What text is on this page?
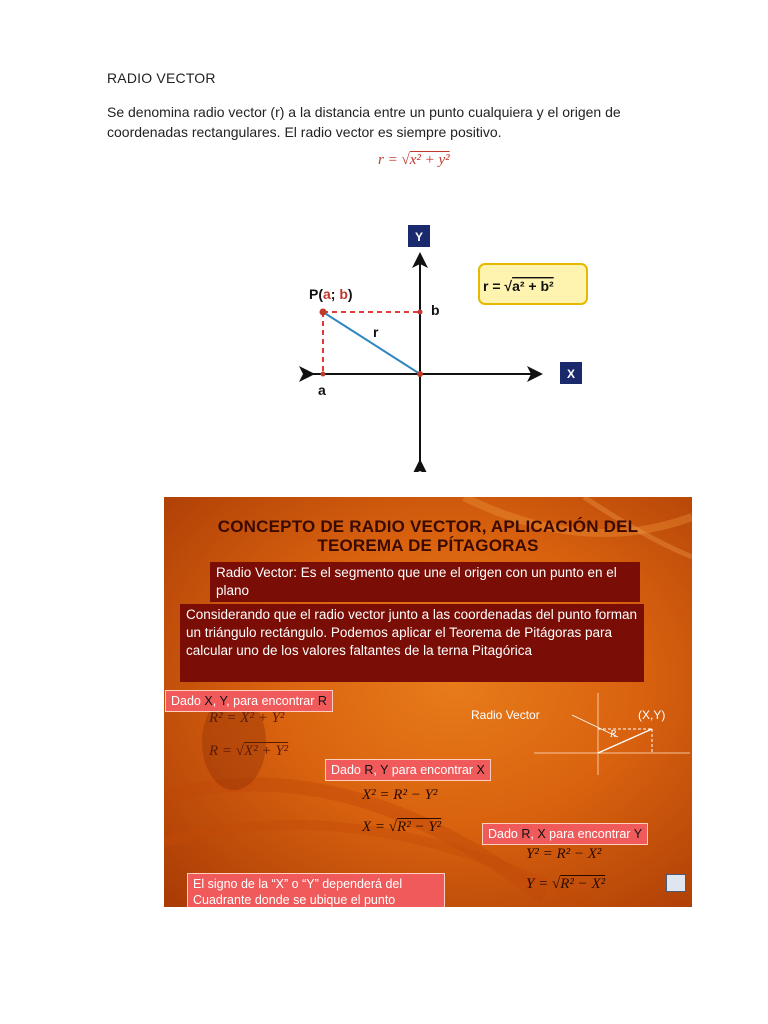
RADIO VECTOR
Se denomina radio vector (r) a la distancia entre un punto cualquiera y el origen de coordenadas rectangulares. El radio vector es siempre positivo.
r = √x² + y²
Y
X
P(a; b)
b
a
r
r = √a² + b²
CONCEPTO DE RADIO VECTOR, APLICACIÓN DEL
TEOREMA DE PÍTAGORAS
Radio Vector: Es el segmento que une el origen con un punto en el plano
Considerando que el radio vector junto a las coordenadas del punto forman un triángulo rectángulo. Podemos aplicar el Teorema de Pitágoras para calcular uno de los valores faltantes de la terna Pitagórica
Dado X, Y, para encontrar R
R² = X² + Y²
R = √X² + Y²
Dado R, Y para encontrar X
X² = R² − Y²
X = √R² − Y²	Dado R, X para encontrar Y
Y² = R² − X²
Y = √R² − X²
El signo de la “X” o “Y” dependerá del Cuadrante donde se ubique el punto
R
Radio Vector	(X,Y)
